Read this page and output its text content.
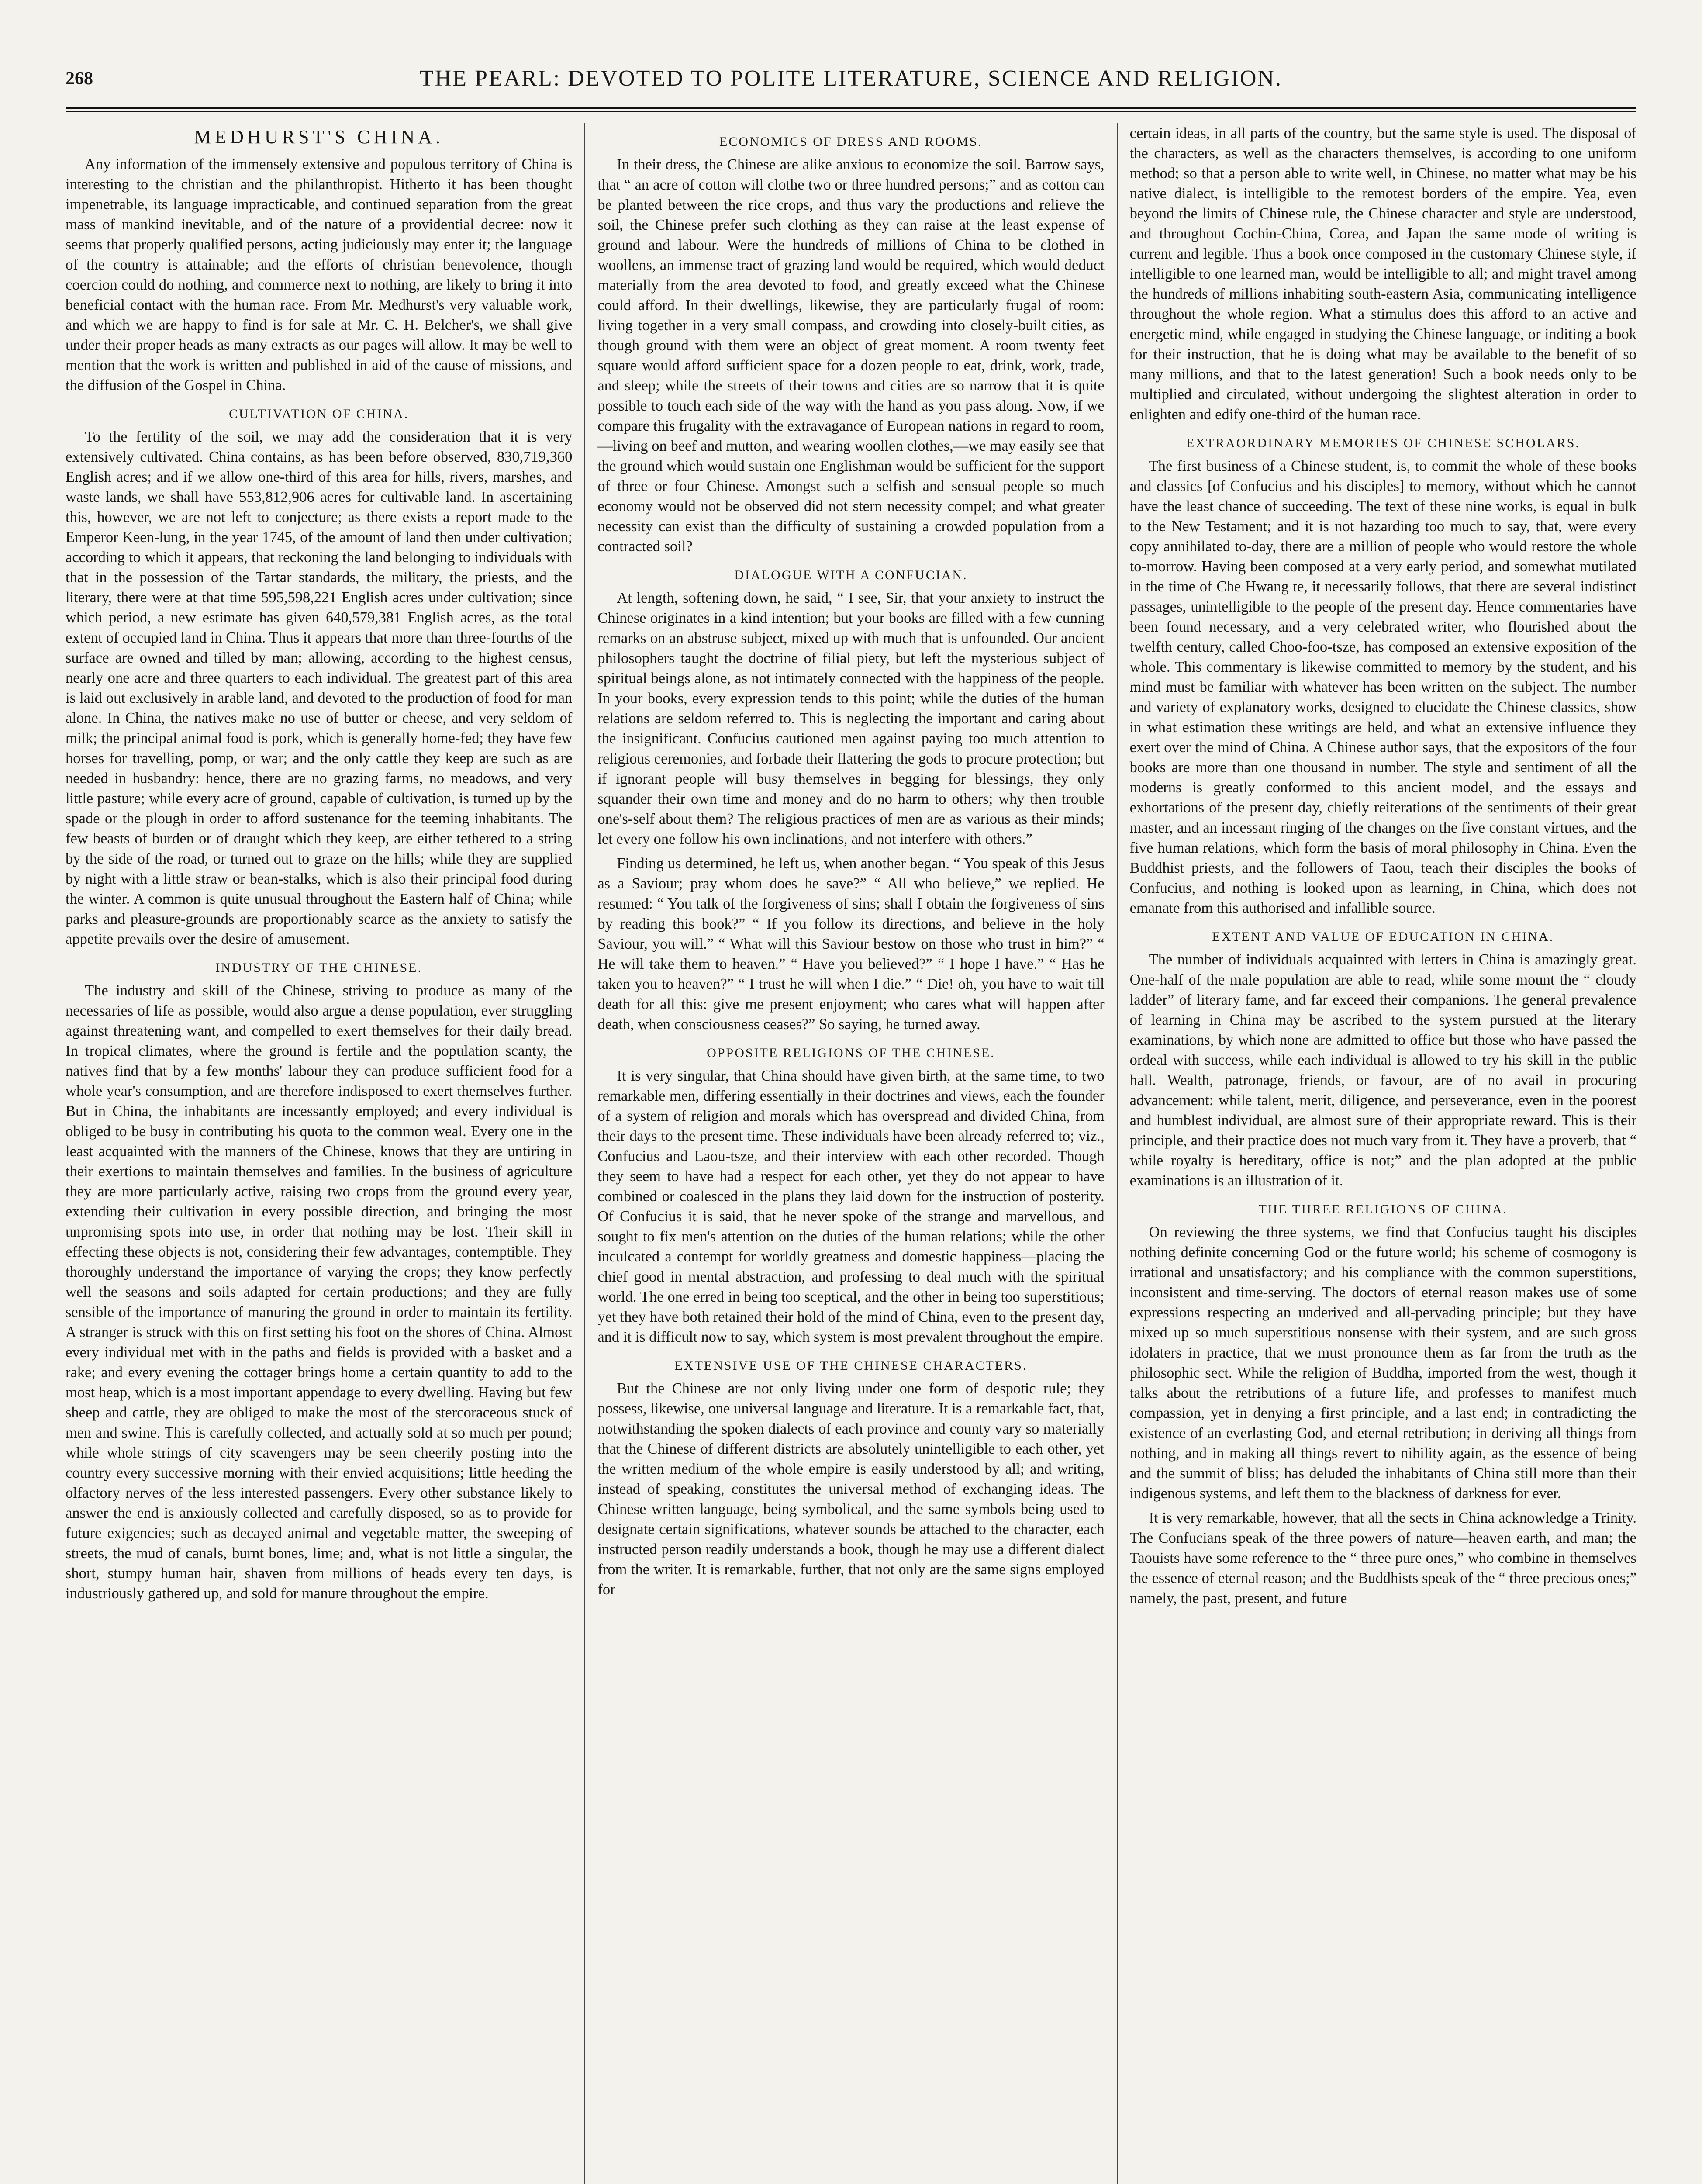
268	THE PEARL: DEVOTED TO POLITE LITERATURE, SCIENCE AND RELIGION.
MEDHURST'S CHINA.

Any information of the immensely extensive and populous territory of China is interesting to the christian and the philanthropist. Hitherto it has been thought impenetrable, its language impracticable, and continued separation from the great mass of mankind inevitable, and of the nature of a providential decree: now it seems that properly qualified persons, acting judiciously may enter it; the language of the country is attainable; and the efforts of christian benevolence, though coercion could do nothing, and commerce next to nothing, are likely to bring it into beneficial contact with the human race. From Mr. Medhurst's very valuable work, and which we are happy to find is for sale at Mr. C. H. Belcher's, we shall give under their proper heads as many extracts as our pages will allow. It may be well to mention that the work is written and published in aid of the cause of missions, and the diffusion of the Gospel in China.

CULTIVATION OF CHINA.

To the fertility of the soil, we may add the consideration that it is very extensively cultivated. China contains, as has been before observed, 830,719,360 English acres; and if we allow one-third of this area for hills, rivers, marshes, and waste lands, we shall have 553,812,906 acres for cultivable land. In ascertaining this, however, we are not left to conjecture; as there exists a report made to the Emperor Keen-lung, in the year 1745, of the amount of land then under cultivation; according to which it appears, that reckoning the land belonging to individuals with that in the possession of the Tartar standards, the military, the priests, and the literary, there were at that time 595,598,221 English acres under cultivation; since which period, a new estimate has given 640,579,381 English acres, as the total extent of occupied land in China. Thus it appears that more than three-fourths of the surface are owned and tilled by man; allowing, according to the highest census, nearly one acre and three quarters to each individual. The greatest part of this area is laid out exclusively in arable land, and devoted to the production of food for man alone. In China, the natives make no use of butter or cheese, and very seldom of milk; the principal animal food is pork, which is generally home-fed; they have few horses for travelling, pomp, or war; and the only cattle they keep are such as are needed in husbandry: hence, there are no grazing farms, no meadows, and very little pasture; while every acre of ground, capable of cultivation, is turned up by the spade or the plough in order to afford sustenance for the teeming inhabitants. The few beasts of burden or of draught which they keep, are either tethered to a string by the side of the road, or turned out to graze on the hills; while they are supplied by night with a little straw or bean-stalks, which is also their principal food during the winter. A common is quite unusual throughout the Eastern half of China; while parks and pleasure-grounds are proportionably scarce as the anxiety to satisfy the appetite prevails over the desire of amusement.

INDUSTRY OF THE CHINESE.

The industry and skill of the Chinese, striving to produce as many of the necessaries of life as possible, would also argue a dense population, ever struggling against threatening want, and compelled to exert themselves for their daily bread. In tropical climates, where the ground is fertile and the population scanty, the natives find that by a few months' labour they can produce sufficient food for a whole year's consumption, and are therefore indisposed to exert themselves further. But in China, the inhabitants are incessantly employed; and every individual is obliged to be busy in contributing his quota to the common weal. Every one in the least acquainted with the manners of the Chinese, knows that they are untiring in their exertions to maintain themselves and families. In the business of agriculture they are more particularly active, raising two crops from the ground every year, extending their cultivation in every possible direction, and bringing the most unpromising spots into use, in order that nothing may be lost. Their skill in effecting these objects is not, considering their few advantages, contemptible. They thoroughly understand the importance of varying the crops; they know perfectly well the seasons and soils adapted for certain productions; and they are fully sensible of the importance of manuring the ground in order to maintain its fertility. A stranger is struck with this on first setting his foot on the shores of China. Almost every individual met with in the paths and fields is provided with a basket and a rake; and every evening the cottager brings home a certain quantity to add to the most heap, which is a most important appendage to every dwelling. Having but few sheep and cattle, they are obliged to make the most of the stercoraceous stuck of men and swine. This is carefully collected, and actually sold at so much per pound; while whole strings of city scavengers may be seen cheerily posting into the country every successive morning with their envied acquisitions; little heeding the olfactory nerves of the less interested passengers. Every other substance likely to answer the end is anxiously collected and carefully disposed, so as to provide for future exigencies; such as decayed animal and vegetable matter, the sweeping of streets, the mud of canals, burnt bones, lime; and, what is not little a singular, the short, stumpy human hair, shaven from millions of heads every ten days, is industriously gathered up, and sold for manure throughout the empire.

ECONOMICS OF DRESS AND ROOMS.

In their dress, the Chinese are alike anxious to economize the soil. Barrow says, that “ an acre of cotton will clothe two or three hundred persons;” and as cotton can be planted between the rice crops, and thus vary the productions and relieve the soil, the Chinese prefer such clothing as they can raise at the least expense of ground and labour. Were the hundreds of millions of China to be clothed in woollens, an immense tract of grazing land would be required, which would deduct materially from the area devoted to food, and greatly exceed what the Chinese could afford. In their dwellings, likewise, they are particularly frugal of room: living together in a very small compass, and crowding into closely-built cities, as though ground with them were an object of great moment. A room twenty feet square would afford sufficient space for a dozen people to eat, drink, work, trade, and sleep; while the streets of their towns and cities are so narrow that it is quite possible to touch each side of the way with the hand as you pass along. Now, if we compare this frugality with the extravagance of European nations in regard to room,—living on beef and mutton, and wearing woollen clothes,—we may easily see that the ground which would sustain one Englishman would be sufficient for the support of three or four Chinese. Amongst such a selfish and sensual people so much economy would not be observed did not stern necessity compel; and what greater necessity can exist than the difficulty of sustaining a crowded population from a contracted soil?

DIALOGUE WITH A CONFUCIAN.

At length, softening down, he said, “ I see, Sir, that your anxiety to instruct the Chinese originates in a kind intention; but your books are filled with a few cunning remarks on an abstruse subject, mixed up with much that is unfounded. Our ancient philosophers taught the doctrine of filial piety, but left the mysterious subject of spiritual beings alone, as not intimately connected with the happiness of the people. In your books, every expression tends to this point; while the duties of the human relations are seldom referred to. This is neglecting the important and caring about the insignificant. Confucius cautioned men against paying too much attention to religious ceremonies, and forbade their flattering the gods to procure protection; but if ignorant people will busy themselves in begging for blessings, they only squander their own time and money and do no harm to others; why then trouble one's-self about them? The religious practices of men are as various as their minds; let every one follow his own inclinations, and not interfere with others.”

Finding us determined, he left us, when another began. “ You speak of this Jesus as a Saviour; pray whom does he save?” “ All who believe,” we replied. He resumed: “ You talk of the forgiveness of sins; shall I obtain the forgiveness of sins by reading this book?” “ If you follow its directions, and believe in the holy Saviour, you will.” “ What will this Saviour bestow on those who trust in him?” “ He will take them to heaven.” “ Have you believed?” “ I hope I have.” “ Has he taken you to heaven?” “ I trust he will when I die.” “ Die! oh, you have to wait till death for all this: give me present enjoyment; who cares what will happen after death, when consciousness ceases?” So saying, he turned away.

OPPOSITE RELIGIONS OF THE CHINESE.

It is very singular, that China should have given birth, at the same time, to two remarkable men, differing essentially in their doctrines and views, each the founder of a system of religion and morals which has overspread and divided China, from their days to the present time. These individuals have been already referred to; viz., Confucius and Laou-tsze, and their interview with each other recorded. Though they seem to have had a respect for each other, yet they do not appear to have combined or coalesced in the plans they laid down for the instruction of posterity. Of Confucius it is said, that he never spoke of the strange and marvellous, and sought to fix men's attention on the duties of the human relations; while the other inculcated a contempt for worldly greatness and domestic happiness—placing the chief good in mental abstraction, and professing to deal much with the spiritual world. The one erred in being too sceptical, and the other in being too superstitious; yet they have both retained their hold of the mind of China, even to the present day, and it is difficult now to say, which system is most prevalent throughout the empire.

EXTENSIVE USE OF THE CHINESE CHARACTERS.

But the Chinese are not only living under one form of despotic rule; they possess, likewise, one universal language and literature. It is a remarkable fact, that, notwithstanding the spoken dialects of each province and county vary so materially that the Chinese of different districts are absolutely unintelligible to each other, yet the written medium of the whole empire is easily understood by all; and writing, instead of speaking, constitutes the universal method of exchanging ideas. The Chinese written language, being symbolical, and the same symbols being used to designate certain significations, whatever sounds be attached to the character, each instructed person readily understands a book, though he may use a different dialect from the writer. It is remarkable, further, that not only are the same signs employed for

certain ideas, in all parts of the country, but the same style is used. The disposal of the characters, as well as the characters themselves, is according to one uniform method; so that a person able to write well, in Chinese, no matter what may be his native dialect, is intelligible to the remotest borders of the empire. Yea, even beyond the limits of Chinese rule, the Chinese character and style are understood, and throughout Cochin-China, Corea, and Japan the same mode of writing is current and legible. Thus a book once composed in the customary Chinese style, if intelligible to one learned man, would be intelligible to all; and might travel among the hundreds of millions inhabiting south-eastern Asia, communicating intelligence throughout the whole region. What a stimulus does this afford to an active and energetic mind, while engaged in studying the Chinese language, or inditing a book for their instruction, that he is doing what may be available to the benefit of so many millions, and that to the latest generation! Such a book needs only to be multiplied and circulated, without undergoing the slightest alteration in order to enlighten and edify one-third of the human race.

EXTRAORDINARY MEMORIES OF CHINESE SCHOLARS.

The first business of a Chinese student, is, to commit the whole of these books and classics [of Confucius and his disciples] to memory, without which he cannot have the least chance of succeeding. The text of these nine works, is equal in bulk to the New Testament; and it is not hazarding too much to say, that, were every copy annihilated to-day, there are a million of people who would restore the whole to-morrow. Having been composed at a very early period, and somewhat mutilated in the time of Che Hwang te, it necessarily follows, that there are several indistinct passages, unintelligible to the people of the present day. Hence commentaries have been found necessary, and a very celebrated writer, who flourished about the twelfth century, called Choo-foo-tsze, has composed an extensive exposition of the whole. This commentary is likewise committed to memory by the student, and his mind must be familiar with whatever has been written on the subject. The number and variety of explanatory works, designed to elucidate the Chinese classics, show in what estimation these writings are held, and what an extensive influence they exert over the mind of China. A Chinese author says, that the expositors of the four books are more than one thousand in number. The style and sentiment of all the moderns is greatly conformed to this ancient model, and the essays and exhortations of the present day, chiefly reiterations of the sentiments of their great master, and an incessant ringing of the changes on the five constant virtues, and the five human relations, which form the basis of moral philosophy in China. Even the Buddhist priests, and the followers of Taou, teach their disciples the books of Confucius, and nothing is looked upon as learning, in China, which does not emanate from this authorised and infallible source.

EXTENT AND VALUE OF EDUCATION IN CHINA.

The number of individuals acquainted with letters in China is amazingly great. One-half of the male population are able to read, while some mount the “ cloudy ladder” of literary fame, and far exceed their companions. The general prevalence of learning in China may be ascribed to the system pursued at the literary examinations, by which none are admitted to office but those who have passed the ordeal with success, while each individual is allowed to try his skill in the public hall. Wealth, patronage, friends, or favour, are of no avail in procuring advancement: while talent, merit, diligence, and perseverance, even in the poorest and humblest individual, are almost sure of their appropriate reward. This is their principle, and their practice does not much vary from it. They have a proverb, that “ while royalty is hereditary, office is not;” and the plan adopted at the public examinations is an illustration of it.

THE THREE RELIGIONS OF CHINA.

On reviewing the three systems, we find that Confucius taught his disciples nothing definite concerning God or the future world; his scheme of cosmogony is irrational and unsatisfactory; and his compliance with the common superstitions, inconsistent and time-serving. The doctors of eternal reason makes use of some expressions respecting an underived and all-pervading principle; but they have mixed up so much superstitious nonsense with their system, and are such gross idolaters in practice, that we must pronounce them as far from the truth as the philosophic sect. While the religion of Buddha, imported from the west, though it talks about the retributions of a future life, and professes to manifest much compassion, yet in denying a first principle, and a last end; in contradicting the existence of an everlasting God, and eternal retribution; in deriving all things from nothing, and in making all things revert to nihility again, as the essence of being and the summit of bliss; has deluded the inhabitants of China still more than their indigenous systems, and left them to the blackness of darkness for ever.

It is very remarkable, however, that all the sects in China acknowledge a Trinity. The Confucians speak of the three powers of nature—heaven earth, and man; the Taouists have some reference to the “ three pure ones,” who combine in themselves the essence of eternal reason; and the Buddhists speak of the “ three precious ones;” namely, the past, present, and future
